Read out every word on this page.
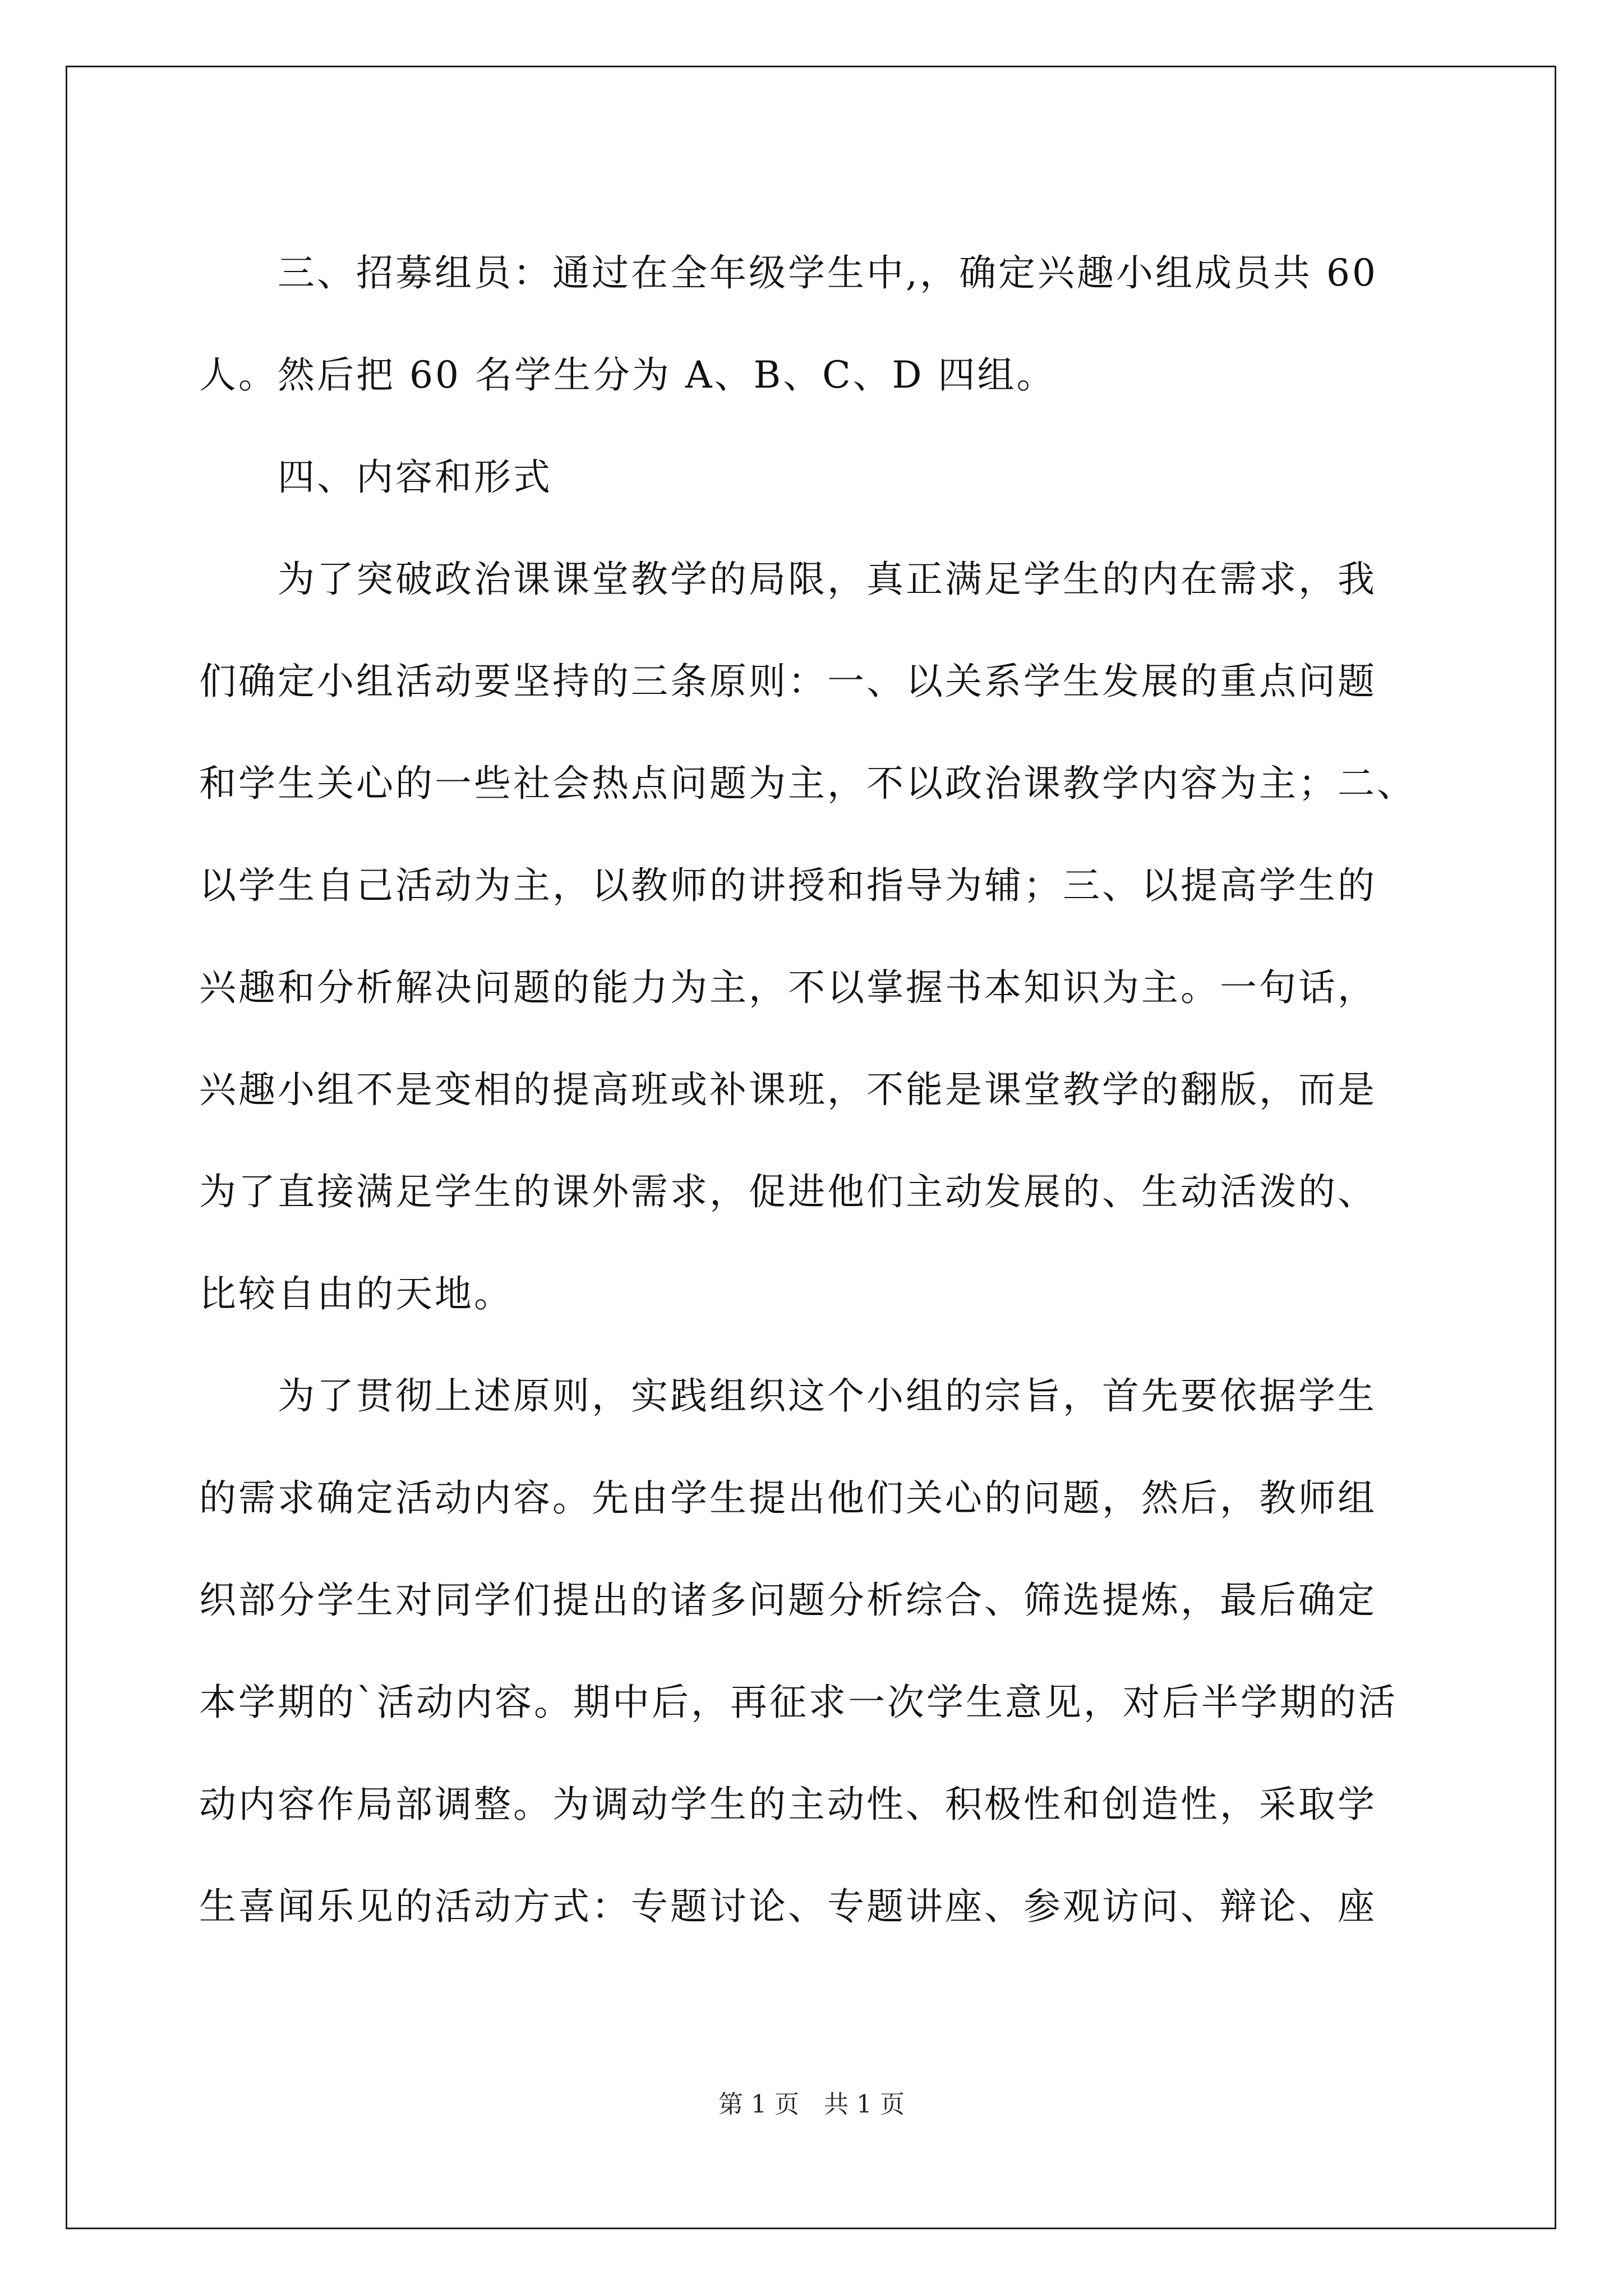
　　三、招募组员：通过在全年级学生中,，确定兴趣小组成员共 60
人。然后把 60 名学生分为 A、B、C、D 四组。
　　四、内容和形式
　　为了突破政治课课堂教学的局限，真正满足学生的内在需求，我
们确定小组活动要坚持的三条原则：一、以关系学生发展的重点问题
和学生关心的一些社会热点问题为主，不以政治课教学内容为主；二、
以学生自己活动为主，以教师的讲授和指导为辅；三、以提高学生的
兴趣和分析解决问题的能力为主，不以掌握书本知识为主。一句话，
兴趣小组不是变相的提高班或补课班，不能是课堂教学的翻版，而是
为了直接满足学生的课外需求，促进他们主动发展的、生动活泼的、
比较自由的天地。
　　为了贯彻上述原则，实践组织这个小组的宗旨，首先要依据学生
的需求确定活动内容。先由学生提出他们关心的问题，然后，教师组
织部分学生对同学们提出的诸多问题分析综合、筛选提炼，最后确定
本学期的`活动内容。期中后，再征求一次学生意见，对后半学期的活
动内容作局部调整。为调动学生的主动性、积极性和创造性，采取学
生喜闻乐见的活动方式：专题讨论、专题讲座、参观访问、辩论、座
第 1 页　共 1 页
